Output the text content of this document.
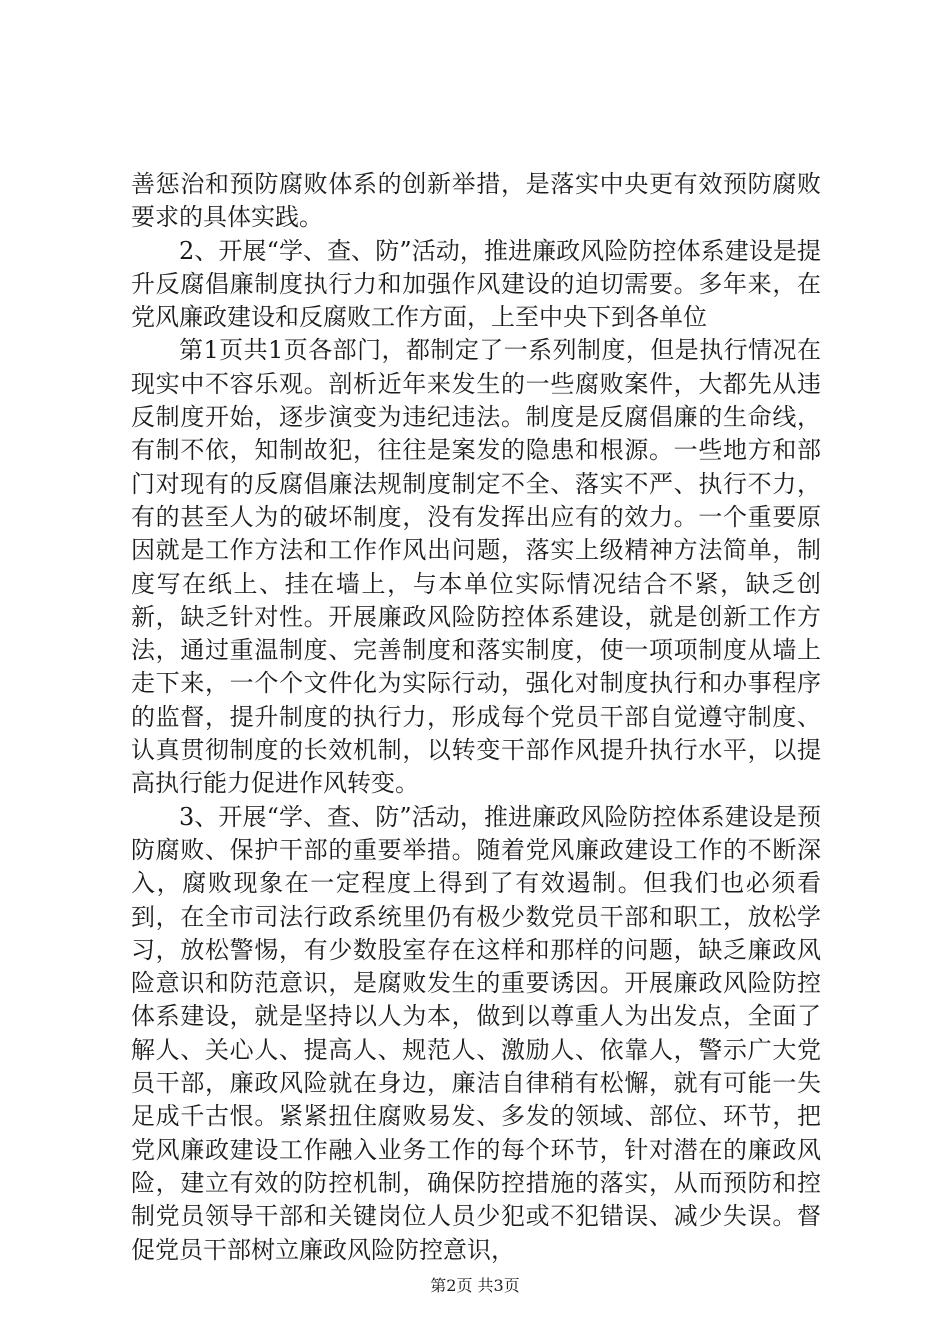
善惩治和预防腐败体系的创新举措，是落实中央更有效预防腐败要求的具体实践。

2、开展“学、查、防”活动，推进廉政风险防控体系建设是提升反腐倡廉制度执行力和加强作风建设的迫切需要。多年来，在党风廉政建设和反腐败工作方面，上至中央下到各单位

第1页共1页各部门，都制定了一系列制度，但是执行情况在现实中不容乐观。剖析近年来发生的一些腐败案件，大都先从违反制度开始，逐步演变为违纪违法。制度是反腐倡廉的生命线，有制不依，知制故犯，往往是案发的隐患和根源。一些地方和部门对现有的反腐倡廉法规制度制定不全、落实不严、执行不力，有的甚至人为的破坏制度，没有发挥出应有的效力。一个重要原因就是工作方法和工作作风出问题，落实上级精神方法简单，制度写在纸上、挂在墙上，与本单位实际情况结合不紧，缺乏创新，缺乏针对性。开展廉政风险防控体系建设，就是创新工作方法，通过重温制度、完善制度和落实制度，使一项项制度从墙上走下来，一个个文件化为实际行动，强化对制度执行和办事程序的监督，提升制度的执行力，形成每个党员干部自觉遵守制度、认真贯彻制度的长效机制，以转变干部作风提升执行水平，以提高执行能力促进作风转变。

3、开展“学、查、防”活动，推进廉政风险防控体系建设是预防腐败、保护干部的重要举措。随着党风廉政建设工作的不断深入，腐败现象在一定程度上得到了有效遏制。但我们也必须看到，在全市司法行政系统里仍有极少数党员干部和职工，放松学习，放松警惕，有少数股室存在这样和那样的问题，缺乏廉政风险意识和防范意识，是腐败发生的重要诱因。开展廉政风险防控体系建设，就是坚持以人为本，做到以尊重人为出发点，全面了解人、关心人、提高人、规范人、激励人、依靠人，警示广大党员干部，廉政风险就在身边，廉洁自律稍有松懈，就有可能一失足成千古恨。紧紧扭住腐败易发、多发的领域、部位、环节，把党风廉政建设工作融入业务工作的每个环节，针对潜在的廉政风险，建立有效的防控机制，确保防控措施的落实，从而预防和控制党员领导干部和关键岗位人员少犯或不犯错误、减少失误。督促党员干部树立廉政风险防控意识，

第2页 共3页
